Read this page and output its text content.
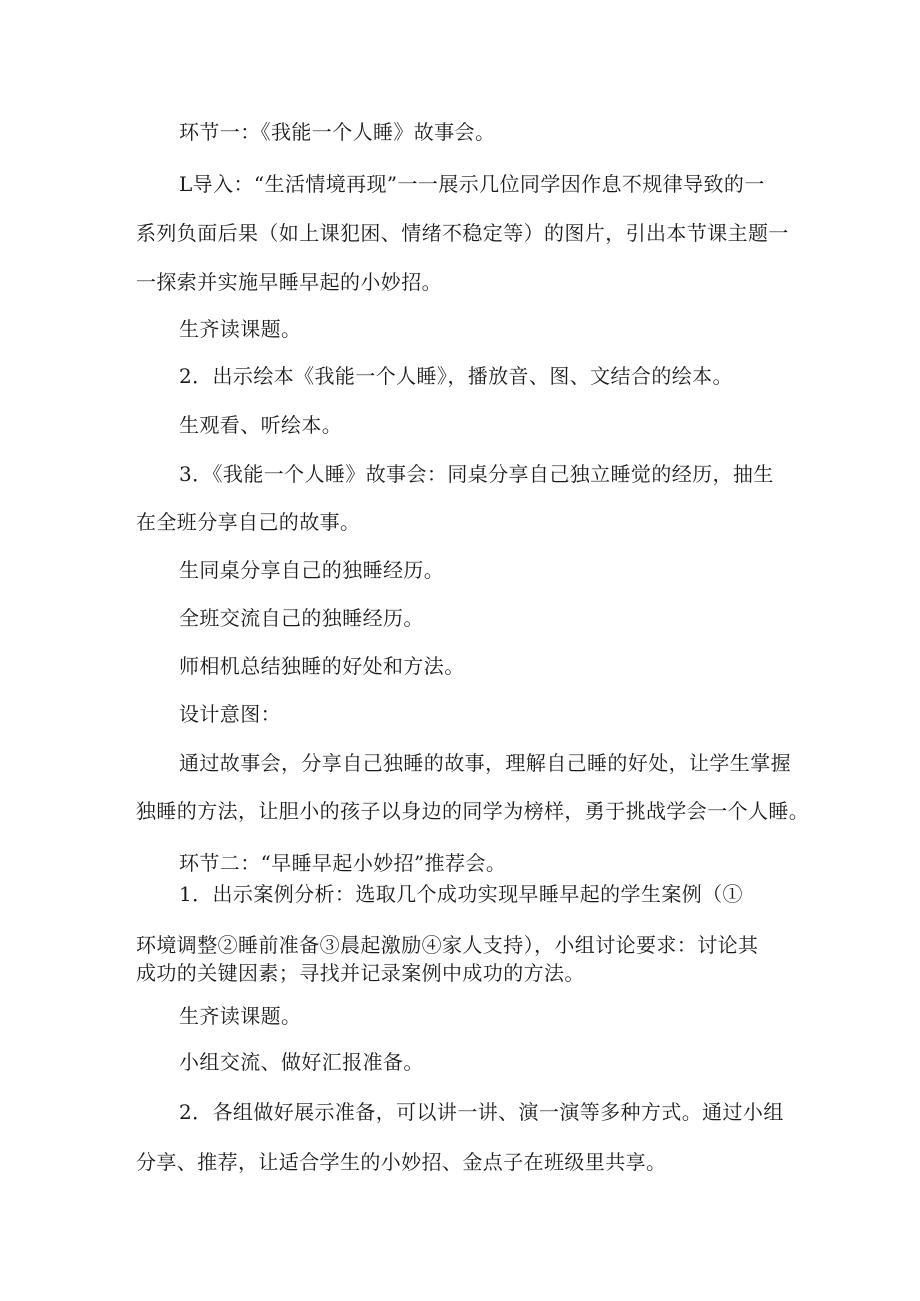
环节一：《我能一个人睡》故事会。
L导入：“生活情境再现”一一展示几位同学因作息不规律导致的一
系列负面后果（如上课犯困、情绪不稳定等）的图片，引出本节课主题一
一探索并实施早睡早起的小妙招。
生齐读课题。
2．出示绘本《我能一个人睡》，播放音、图、文结合的绘本。
生观看、听绘本。
3．《我能一个人睡》故事会：同桌分享自己独立睡觉的经历，抽生
在全班分享自己的故事。
生同桌分享自己的独睡经历。
全班交流自己的独睡经历。
师相机总结独睡的好处和方法。
设计意图：
通过故事会，分享自己独睡的故事，理解自己睡的好处，让学生掌握
独睡的方法，让胆小的孩子以身边的同学为榜样，勇于挑战学会一个人睡。
环节二：“早睡早起小妙招”推荐会。
1．出示案例分析：选取几个成功实现早睡早起的学生案例（①
环境调整②睡前准备③晨起激励④家人支持），小组讨论要求：讨论其
成功的关键因素；寻找并记录案例中成功的方法。
生齐读课题。
小组交流、做好汇报准备。
2．各组做好展示准备，可以讲一讲、演一演等多种方式。通过小组
分享、推荐，让适合学生的小妙招、金点子在班级里共享。
